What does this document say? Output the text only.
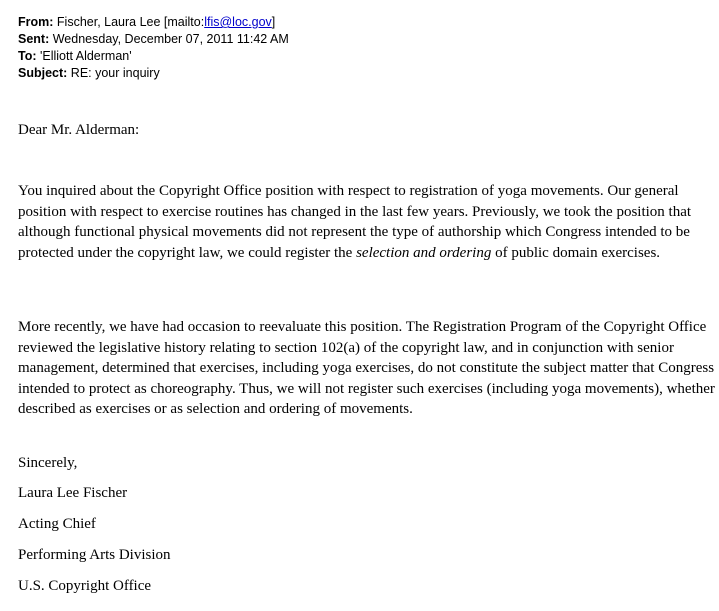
From: Fischer, Laura Lee [mailto:lfis@loc.gov]
Sent: Wednesday, December 07, 2011 11:42 AM
To: 'Elliott Alderman'
Subject: RE: your inquiry

Dear Mr. Alderman:

You inquired about the Copyright Office position with respect to registration of yoga movements. Our general position with respect to exercise routines has changed in the last few years. Previously, we took the position that although functional physical movements did not represent the type of authorship which Congress intended to be protected under the copyright law, we could register the selection and ordering of public domain exercises.

More recently, we have had occasion to reevaluate this position. The Registration Program of the Copyright Office reviewed the legislative history relating to section 102(a) of the copyright law, and in conjunction with senior management, determined that exercises, including yoga exercises, do not constitute the subject matter that Congress intended to protect as choreography. Thus, we will not register such exercises (including yoga movements), whether described as exercises or as selection and ordering of movements.

Sincerely,

Laura Lee Fischer

Acting Chief

Performing Arts Division

U.S. Copyright Office
